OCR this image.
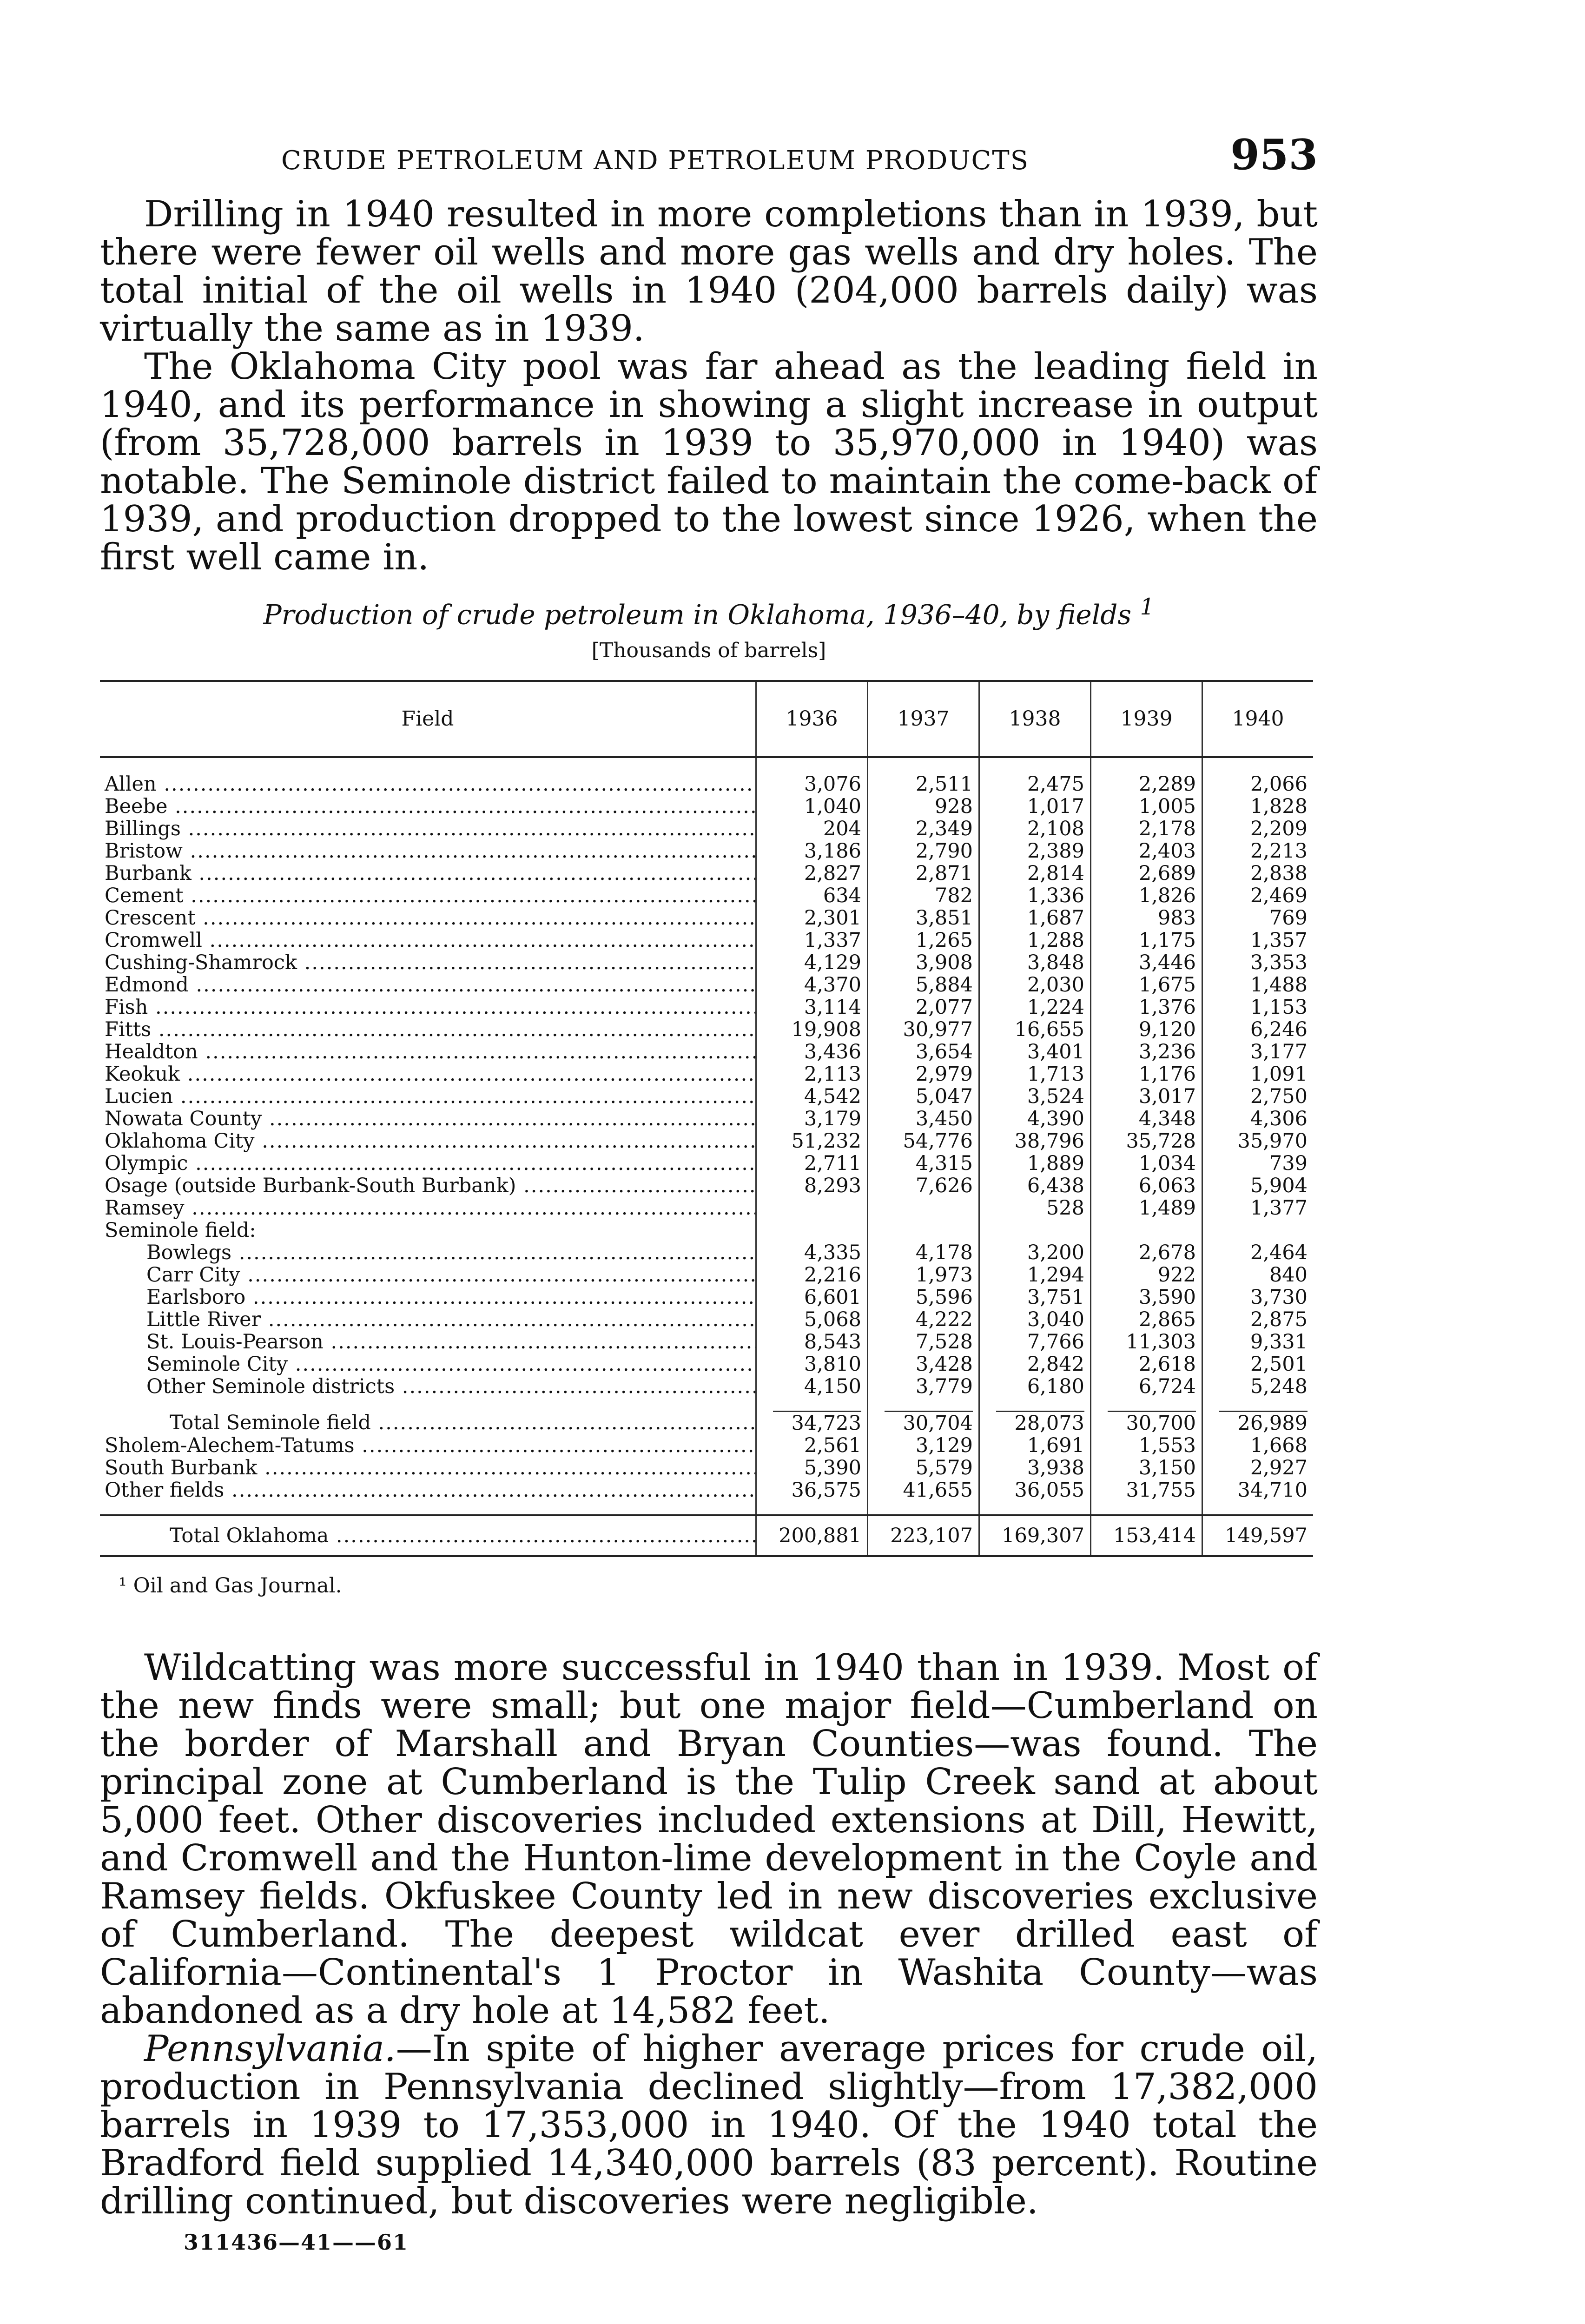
CRUDE PETROLEUM AND PETROLEUM PRODUCTS	953

Drilling in 1940 resulted in more completions than in 1939, but there were fewer oil wells and more gas wells and dry holes. The total initial of the oil wells in 1940 (204,000 barrels daily) was virtually the same as in 1939.

The Oklahoma City pool was far ahead as the leading field in 1940, and its performance in showing a slight increase in output (from 35,728,000 barrels in 1939 to 35,970,000 in 1940) was notable. The Seminole district failed to maintain the come-back of 1939, and production dropped to the lowest since 1926, when the first well came in.

Production of crude petroleum in Oklahoma, 1936–40, by fields $^1$
[Thousands of barrels]
Field	1936	1937	1938	1939	1940

Allen .....	3,076	2,511	2,475	2,289	2,066
Beebe .....	1,040	928	1,017	1,005	1,828
Billings .....	204	2,349	2,108	2,178	2,209
Bristow .....	3,186	2,790	2,389	2,403	2,213
Burbank .....	2,827	2,871	2,814	2,689	2,838
Cement .....	634	782	1,336	1,826	2,469
Crescent .....	2,301	3,851	1,687	983	769
Cromwell .....	1,337	1,265	1,288	1,175	1,357
Cushing-Shamrock .....	4,129	3,908	3,848	3,446	3,353
Edmond .....	4,370	5,884	2,030	1,675	1,488
Fish .....	3,114	2,077	1,224	1,376	1,153
Fitts .....	19,908	30,977	16,655	9,120	6,246
Healdton .....	3,436	3,654	3,401	3,236	3,177
Keokuk .....	2,113	2,979	1,713	1,176	1,091
Lucien .....	4,542	5,047	3,524	3,017	2,750
Nowata County .....	3,179	3,450	4,390	4,348	4,306
Oklahoma City .....	51,232	54,776	38,796	35,728	35,970
Olympic .....	2,711	4,315	1,889	1,034	739
Osage (outside Burbank-South Burbank) .....	8,293	7,626	6,438	6,063	5,904
Ramsey .....			528	1,489	1,377
Seminole field:					
Bowlegs .....	4,335	4,178	3,200	2,678	2,464
Carr City .....	2,216	1,973	1,294	922	840
Earlsboro .....	6,601	5,596	3,751	3,590	3,730
Little River .....	5,068	4,222	3,040	2,865	2,875
St. Louis-Pearson .....	8,543	7,528	7,766	11,303	9,331
Seminole City .....	3,810	3,428	2,842	2,618	2,501
Other Seminole districts .....	4,150	3,779	6,180	6,724	5,248

Total Seminole field .....	34,723	30,704	28,073	30,700	26,989
Sholem-Alechem-Tatums .....	2,561	3,129	1,691	1,553	1,668
South Burbank .....	5,390	5,579	3,938	3,150	2,927
Other fields .....	36,575	41,655	36,055	31,755	34,710

Total Oklahoma .....	200,881	223,107	169,307	153,414	149,597
¹ Oil and Gas Journal.

Wildcatting was more successful in 1940 than in 1939. Most of the new finds were small; but one major field—Cumberland on the border of Marshall and Bryan Counties—was found. The principal zone at Cumberland is the Tulip Creek sand at about 5,000 feet. Other discoveries included extensions at Dill, Hewitt, and Cromwell and the Hunton-lime development in the Coyle and Ramsey fields. Okfuskee County led in new discoveries exclusive of Cumberland. The deepest wildcat ever drilled east of California—Continental's 1 Proctor in Washita County—was abandoned as a dry hole at 14,582 feet.

Pennsylvania.—In spite of higher average prices for crude oil, production in Pennsylvania declined slightly—from 17,382,000 barrels in 1939 to 17,353,000 in 1940. Of the 1940 total the Bradford field supplied 14,340,000 barrels (83 percent). Routine drilling continued, but discoveries were negligible.

311436—41——61
